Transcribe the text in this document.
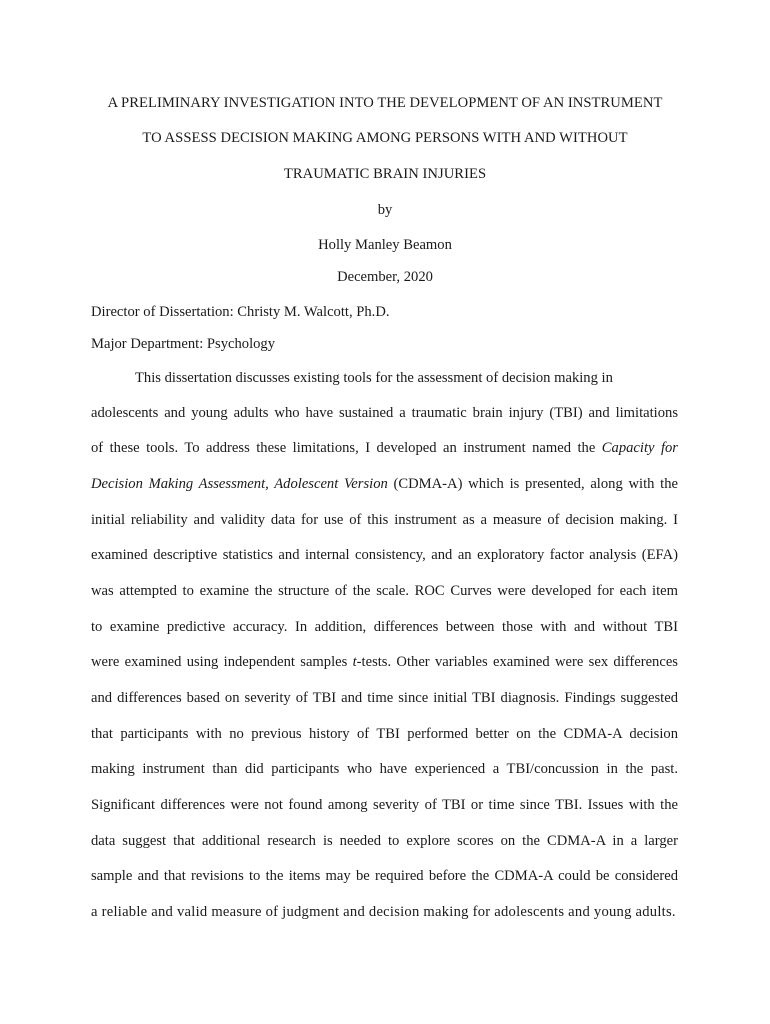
A PRELIMINARY INVESTIGATION INTO THE DEVELOPMENT OF AN INSTRUMENT
TO ASSESS DECISION MAKING AMONG PERSONS WITH AND WITHOUT
TRAUMATIC BRAIN INJURIES
by
Holly Manley Beamon
December, 2020
Director of Dissertation: Christy M. Walcott, Ph.D.
Major Department: Psychology
This dissertation discusses existing tools for the assessment of decision making in
adolescents and young adults who have sustained a traumatic brain injury (TBI) and limitations
of these tools. To address these limitations, I developed an instrument named the Capacity for
Decision Making Assessment, Adolescent Version (CDMA-A) which is presented, along with the
initial reliability and validity data for use of this instrument as a measure of decision making. I
examined descriptive statistics and internal consistency, and an exploratory factor analysis (EFA)
was attempted to examine the structure of the scale. ROC Curves were developed for each item
to examine predictive accuracy. In addition, differences between those with and without TBI
were examined using independent samples t-tests. Other variables examined were sex differences
and differences based on severity of TBI and time since initial TBI diagnosis. Findings suggested
that participants with no previous history of TBI performed better on the CDMA-A decision
making instrument than did participants who have experienced a TBI/concussion in the past.
Significant differences were not found among severity of TBI or time since TBI. Issues with the
data suggest that additional research is needed to explore scores on the CDMA-A in a larger
sample and that revisions to the items may be required before the CDMA-A could be considered
a reliable and valid measure of judgment and decision making for adolescents and young adults.
